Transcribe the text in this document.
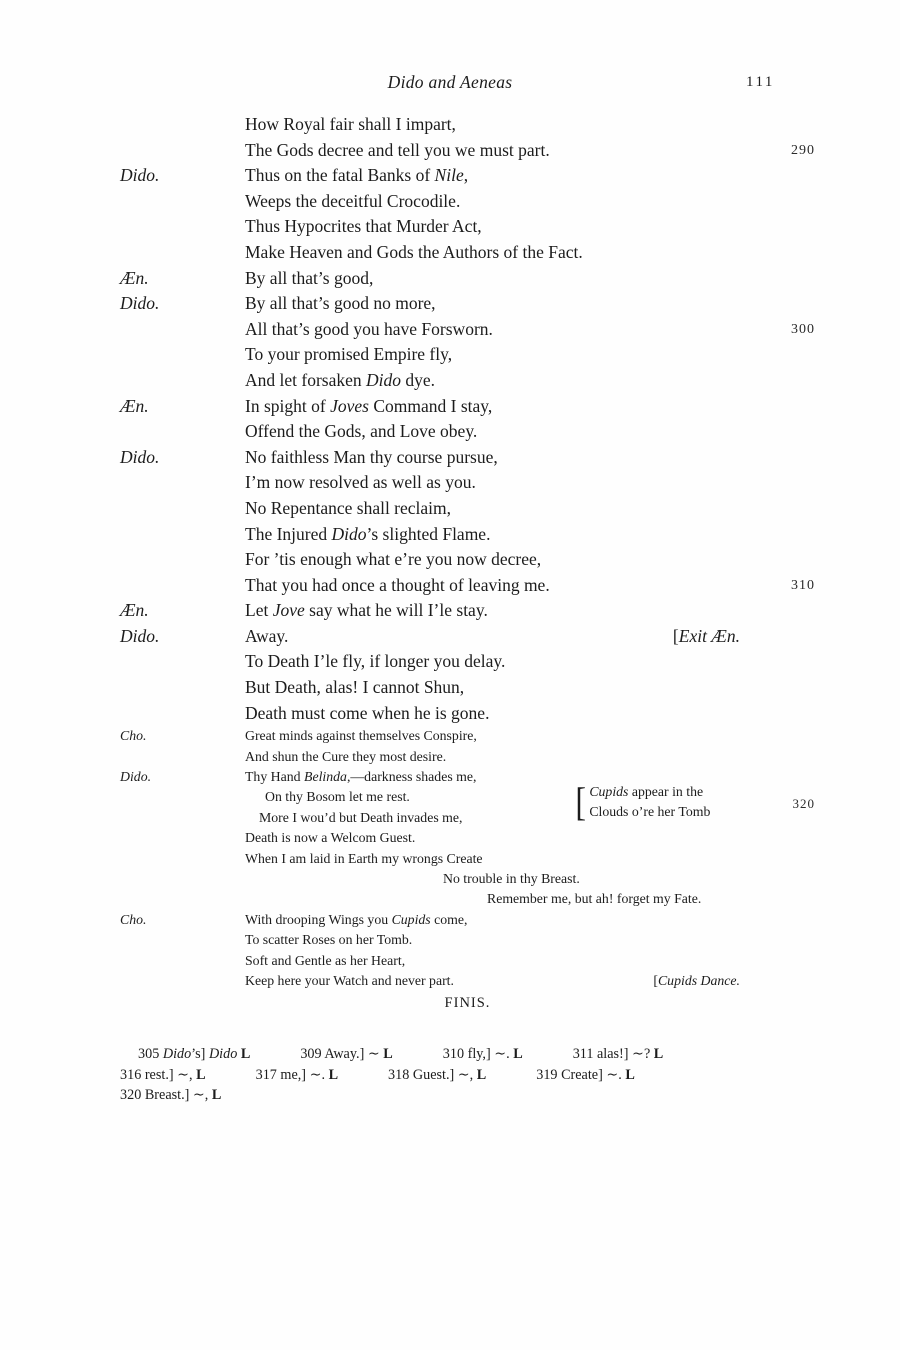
Dido and Aeneas	111
How Royal fair shall I impart,
The Gods decree and tell you we must part.	290
Dido.	Thus on the fatal Banks of Nile,
Weeps the deceitful Crocodile.
Thus Hypocrites that Murder Act,
Make Heaven and Gods the Authors of the Fact.
Æn.	By all that’s good,
Dido.	By all that’s good no more,
All that’s good you have Forsworn.	300
To your promised Empire fly,
And let forsaken Dido dye.
Æn.	In spight of Joves Command I stay,
Offend the Gods, and Love obey.
Dido.	No faithless Man thy course pursue,
I’m now resolved as well as you.
No Repentance shall reclaim,
The Injured Dido’s slighted Flame.
For ’tis enough what e’re you now decree,
That you had once a thought of leaving me.	310
Æn.	Let Jove say what he will I’le stay.
Dido.	Away.	[Exit Æn.
To Death I’le fly, if longer you delay.
But Death, alas! I cannot Shun,
Death must come when he is gone.
Cho.	Great minds against themselves Conspire,
And shun the Cure they most desire.
Dido.	Thy Hand Belinda,—darkness shades me,
On thy Bosom let me rest.
More I wou’d but Death invades me,
Death is now a Welcom Guest.
When I am laid in Earth my wrongs Create
No trouble in thy Breast.
Remember me, but ah! forget my Fate.
Cho.	With drooping Wings you Cupids come,
To scatter Roses on her Tomb.
Soft and Gentle as her Heart,
Keep here your Watch and never part.	[Cupids Dance.
[ Cupids appear in the
Clouds o’re her Tomb
320
FINIS.
305 Dido’s] Dido L	309 Away.] ∼ L	310 fly,] ∼. L	311 alas!] ∼? L
316 rest.] ∼, L	317 me,] ∼. L	318 Guest.] ∼, L	319 Create] ∼. L
320 Breast.] ∼, L
